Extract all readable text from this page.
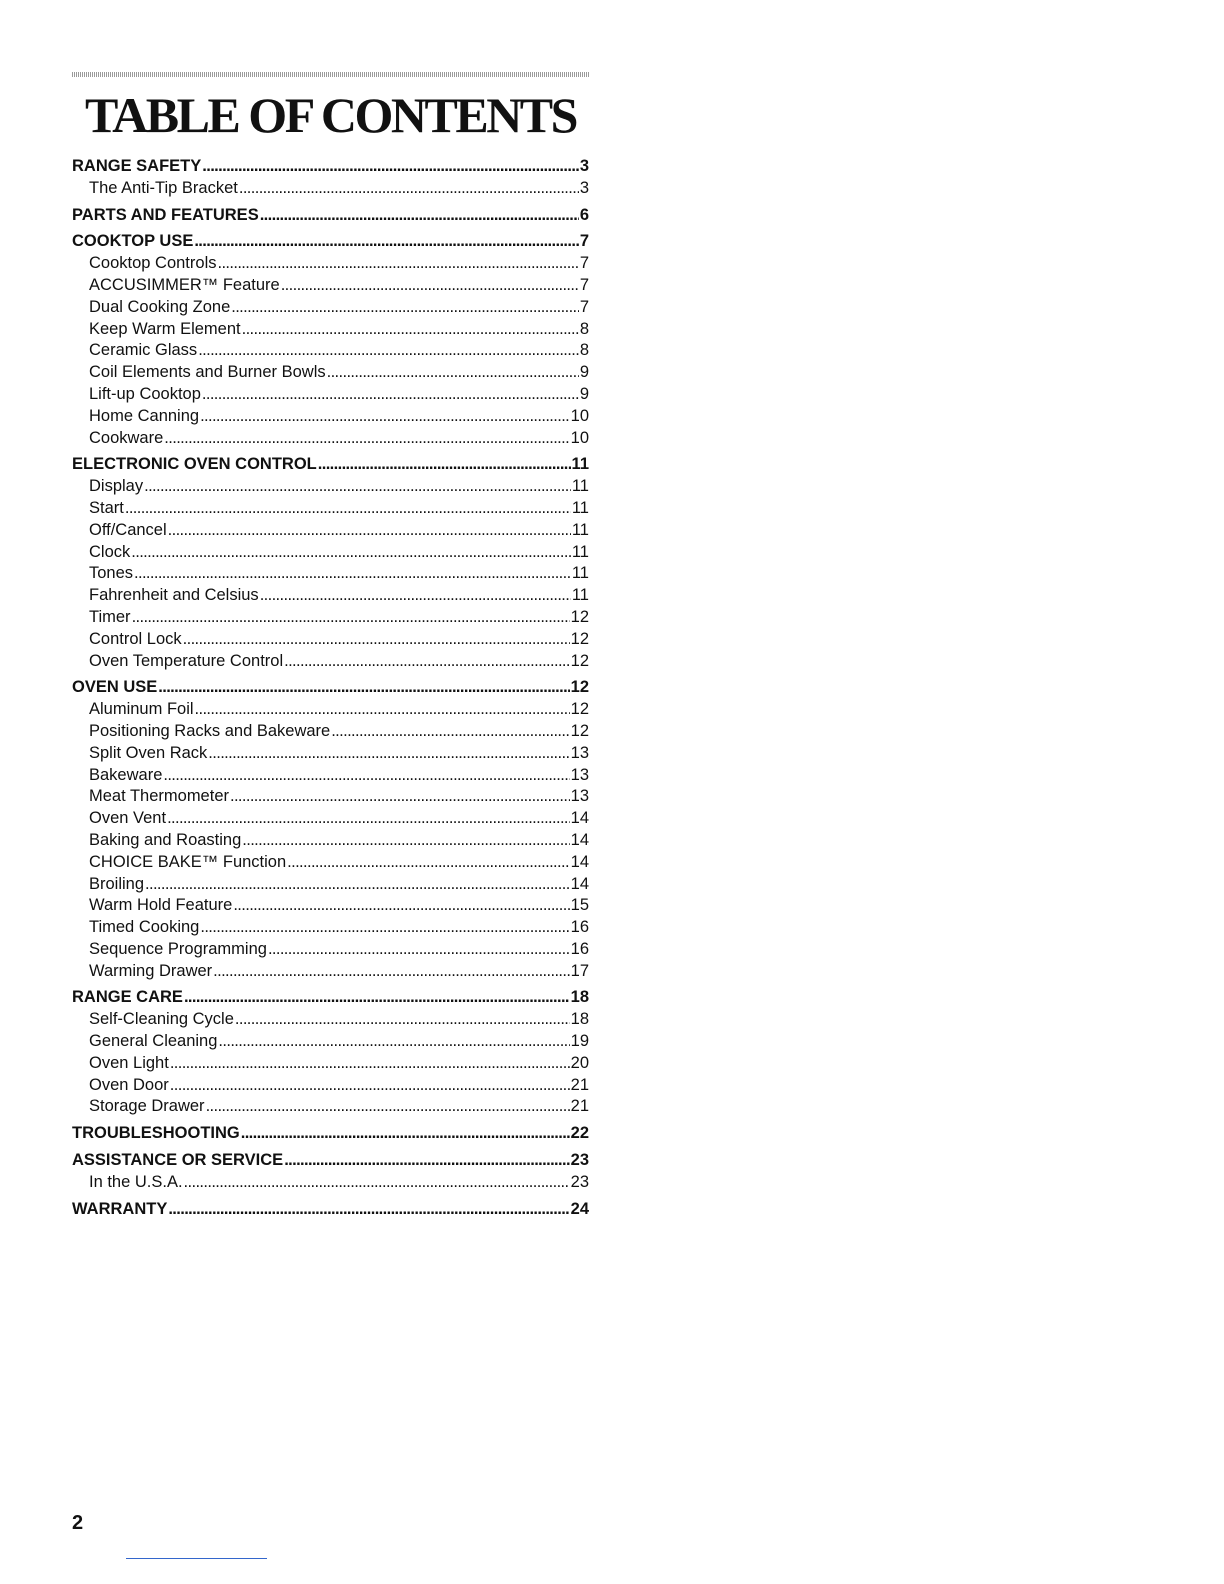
TABLE OF CONTENTS
RANGE SAFETY . . .	3
The Anti-Tip Bracket . . .	3
PARTS AND FEATURES . . .	6
COOKTOP USE . . .	7
Cooktop Controls . . .	7
ACCUSIMMER™ Feature . . .	7
Dual Cooking Zone . . .	7
Keep Warm Element . . .	8
Ceramic Glass . . .	8
Coil Elements and Burner Bowls . . .	9
Lift-up Cooktop . . .	9
Home Canning . . .	10
Cookware . . .	10
ELECTRONIC OVEN CONTROL . . .	11
Display . . .	11
Start . . .	11
Off/Cancel . . .	11
Clock . . .	11
Tones . . .	11
Fahrenheit and Celsius . . .	11
Timer . . .	12
Control Lock . . .	12
Oven Temperature Control . . .	12
OVEN USE . . .	12
Aluminum Foil . . .	12
Positioning Racks and Bakeware . . .	12
Split Oven Rack . . .	13
Bakeware . . .	13
Meat Thermometer . . .	13
Oven Vent . . .	14
Baking and Roasting . . .	14
CHOICE BAKE™ Function . . .	14
Broiling . . .	14
Warm Hold Feature . . .	15
Timed Cooking . . .	16
Sequence Programming . . .	16
Warming Drawer . . .	17
RANGE CARE . . .	18
Self-Cleaning Cycle . . .	18
General Cleaning . . .	19
Oven Light . . .	20
Oven Door . . .	21
Storage Drawer . . .	21
TROUBLESHOOTING . . .	22
ASSISTANCE OR SERVICE . . .	23
In the U.S.A. . . .	23
WARRANTY . . .	24
2
